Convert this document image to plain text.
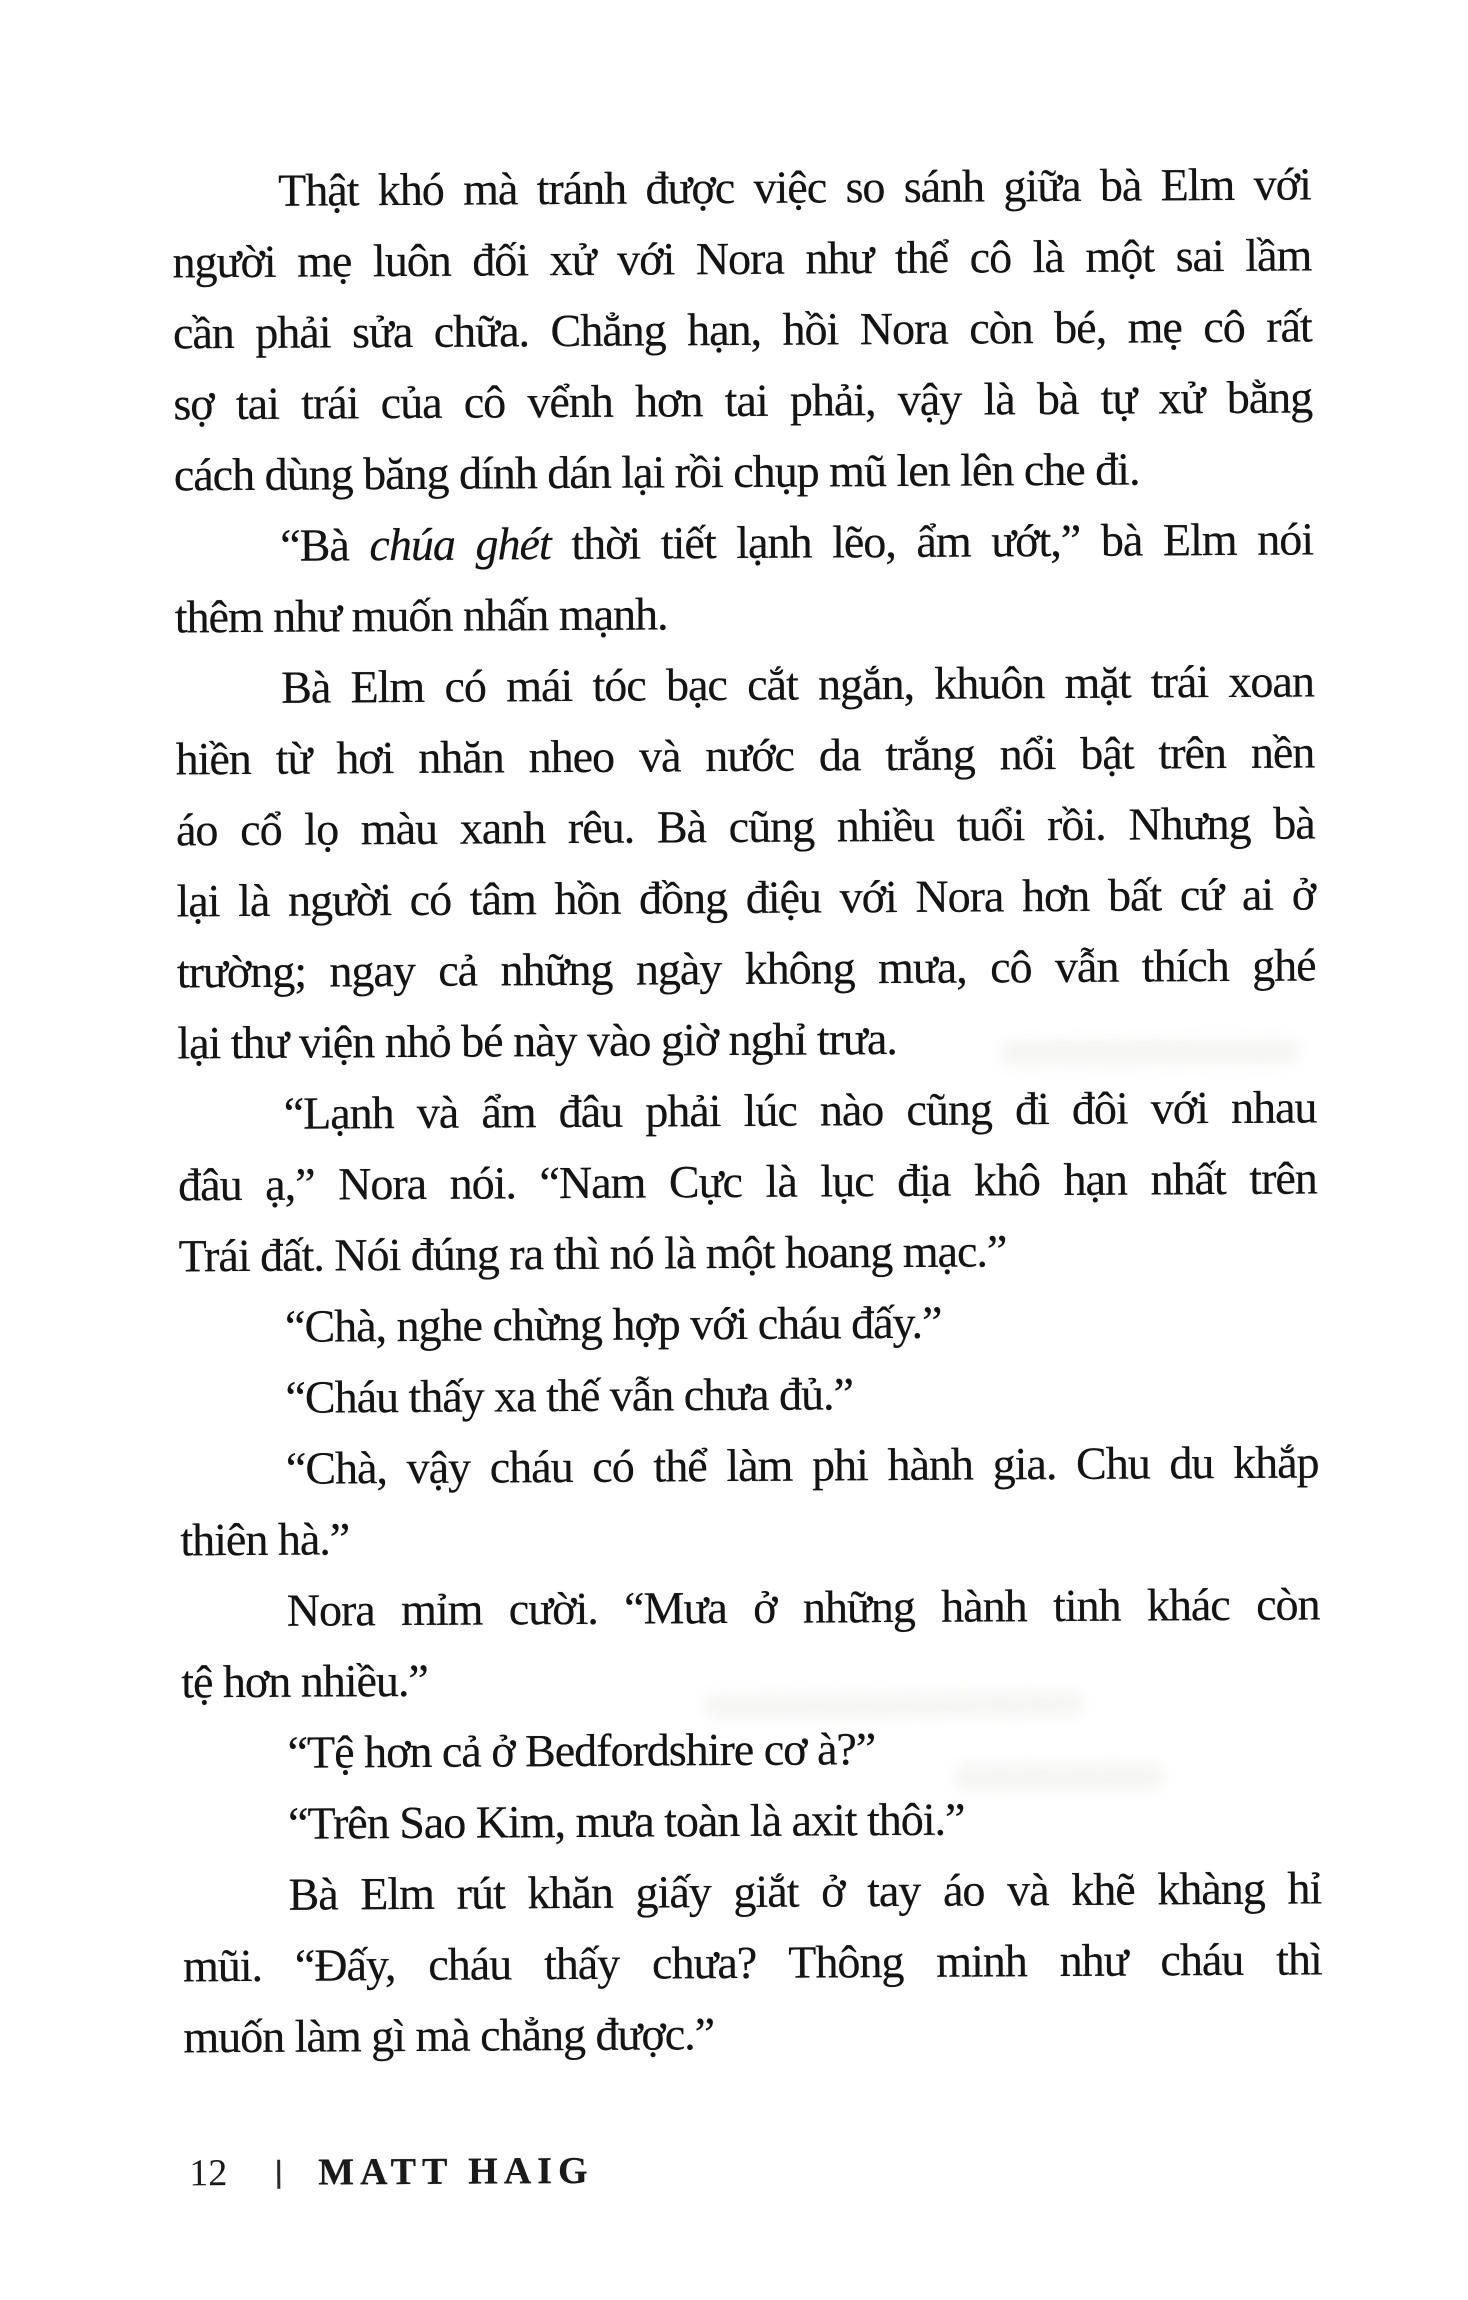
Thật khó mà tránh được việc so sánh giữa bà Elm với
người mẹ luôn đối xử với Nora như thể cô là một sai lầm
cần phải sửa chữa. Chẳng hạn, hồi Nora còn bé, mẹ cô rất
sợ tai trái của cô vểnh hơn tai phải, vậy là bà tự xử bằng
cách dùng băng dính dán lại rồi chụp mũ len lên che đi.
“Bà chúa ghét thời tiết lạnh lẽo, ẩm ướt,” bà Elm nói
thêm như muốn nhấn mạnh.
Bà Elm có mái tóc bạc cắt ngắn, khuôn mặt trái xoan
hiền từ hơi nhăn nheo và nước da trắng nổi bật trên nền
áo cổ lọ màu xanh rêu. Bà cũng nhiều tuổi rồi. Nhưng bà
lại là người có tâm hồn đồng điệu với Nora hơn bất cứ ai ở
trường; ngay cả những ngày không mưa, cô vẫn thích ghé
lại thư viện nhỏ bé này vào giờ nghỉ trưa.
“Lạnh và ẩm đâu phải lúc nào cũng đi đôi với nhau
đâu ạ,” Nora nói. “Nam Cực là lục địa khô hạn nhất trên
Trái đất. Nói đúng ra thì nó là một hoang mạc.”
“Chà, nghe chừng hợp với cháu đấy.”
“Cháu thấy xa thế vẫn chưa đủ.”
“Chà, vậy cháu có thể làm phi hành gia. Chu du khắp
thiên hà.”
Nora mỉm cười. “Mưa ở những hành tinh khác còn
tệ hơn nhiều.”
“Tệ hơn cả ở Bedfordshire cơ à?”
“Trên Sao Kim, mưa toàn là axit thôi.”
Bà Elm rút khăn giấy giắt ở tay áo và khẽ khàng hỉ
mũi. “Đấy, cháu thấy chưa? Thông minh như cháu thì
muốn làm gì mà chẳng được.”
12 MATT HAIG
